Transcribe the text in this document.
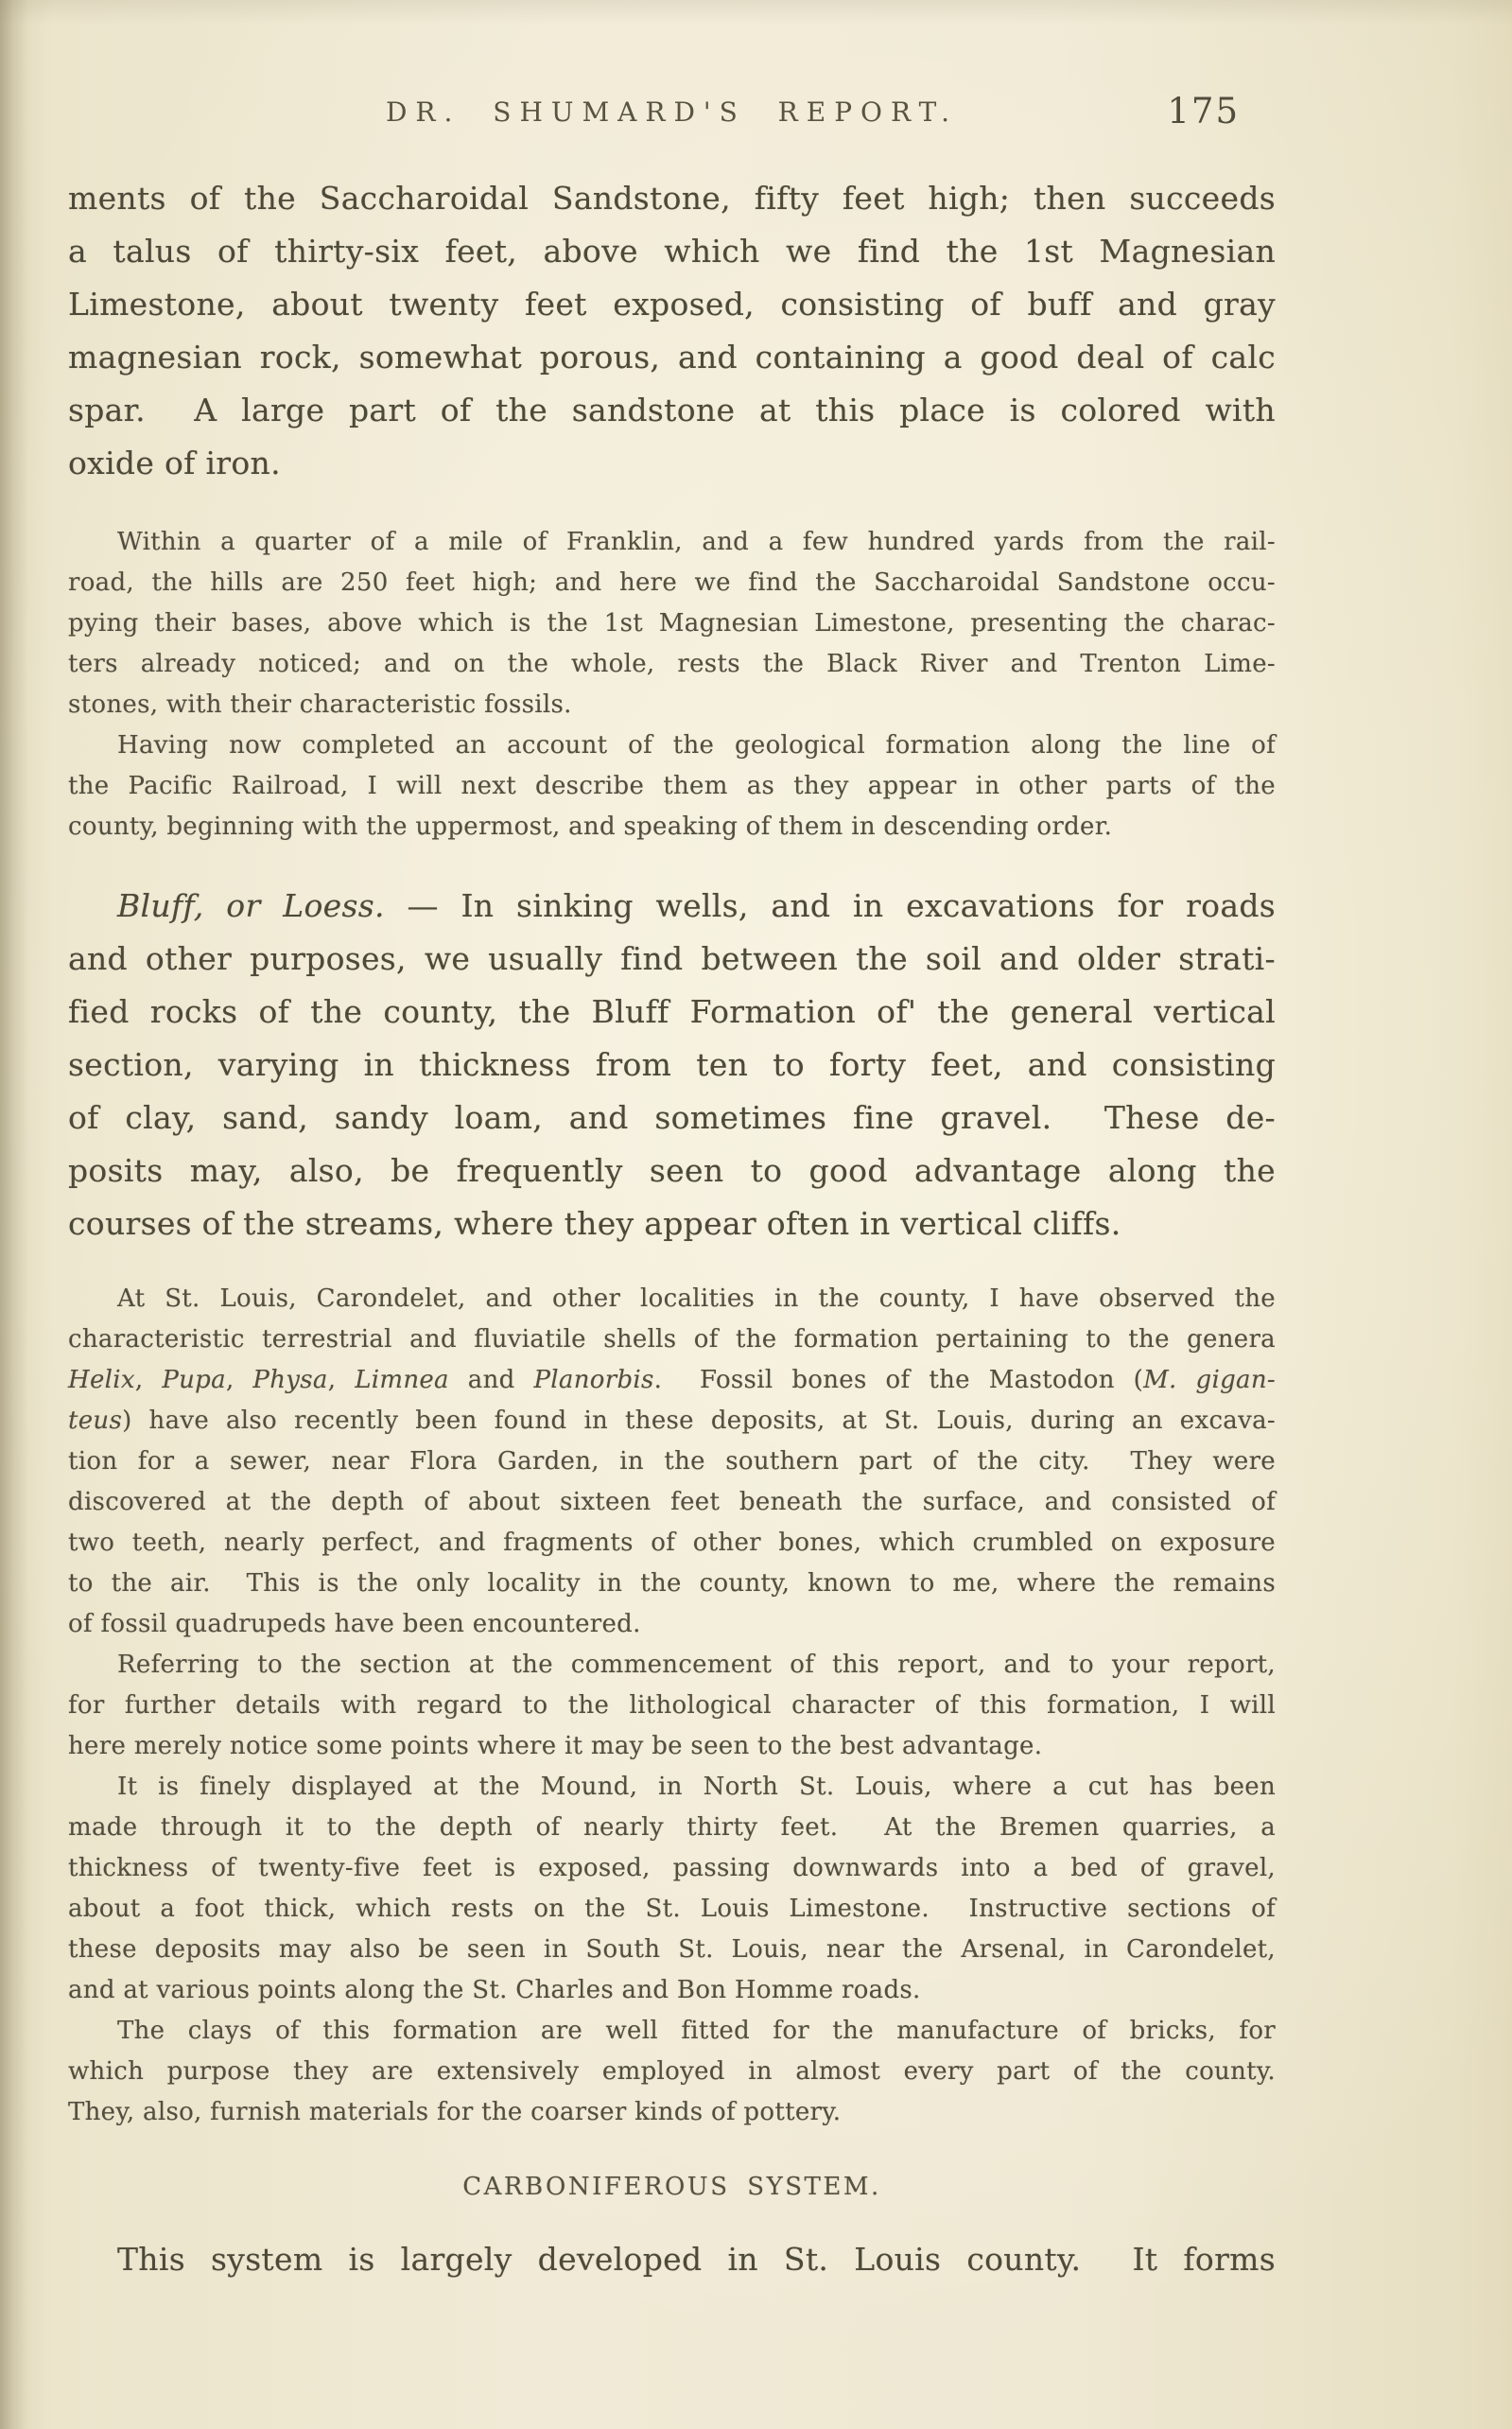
DR. SHUMARD'S REPORT.	175
ments of the Saccharoidal Sandstone, fifty feet high; then succeeds
a talus of thirty-six feet, above which we find the 1st Magnesian
Limestone, about twenty feet exposed, consisting of buff and gray
magnesian rock, somewhat porous, and containing a good deal of calc
spar.  A large part of the sandstone at this place is colored with
oxide of iron.
Within a quarter of a mile of Franklin, and a few hundred yards from the rail-
road, the hills are 250 feet high; and here we find the Saccharoidal Sandstone occu-
pying their bases, above which is the 1st Magnesian Limestone, presenting the charac-
ters already noticed; and on the whole, rests the Black River and Trenton Lime-
stones, with their characteristic fossils.
Having now completed an account of the geological formation along the line of
the Pacific Railroad, I will next describe them as they appear in other parts of the
county, beginning with the uppermost, and speaking of them in descending order.
Bluff, or Loess. — In sinking wells, and in excavations for roads
and other purposes, we usually find between the soil and older strati-
fied rocks of the county, the Bluff Formation of' the general vertical
section, varying in thickness from ten to forty feet, and consisting
of clay, sand, sandy loam, and sometimes fine gravel.  These de-
posits may, also, be frequently seen to good advantage along the
courses of the streams, where they appear often in vertical cliffs.
At St. Louis, Carondelet, and other localities in the county, I have observed the
characteristic terrestrial and fluviatile shells of the formation pertaining to the genera
Helix, Pupa, Physa, Limnea and Planorbis.  Fossil bones of the Mastodon (M. gigan-
teus) have also recently been found in these deposits, at St. Louis, during an excava-
tion for a sewer, near Flora Garden, in the southern part of the city.  They were
discovered at the depth of about sixteen feet beneath the surface, and consisted of
two teeth, nearly perfect, and fragments of other bones, which crumbled on exposure
to the air.  This is the only locality in the county, known to me, where the remains
of fossil quadrupeds have been encountered.
Referring to the section at the commencement of this report, and to your report,
for further details with regard to the lithological character of this formation, I will
here merely notice some points where it may be seen to the best advantage.
It is finely displayed at the Mound, in North St. Louis, where a cut has been
made through it to the depth of nearly thirty feet.  At the Bremen quarries, a
thickness of twenty-five feet is exposed, passing downwards into a bed of gravel,
about a foot thick, which rests on the St. Louis Limestone.  Instructive sections of
these deposits may also be seen in South St. Louis, near the Arsenal, in Carondelet,
and at various points along the St. Charles and Bon Homme roads.
The clays of this formation are well fitted for the manufacture of bricks, for
which purpose they are extensively employed in almost every part of the county.
They, also, furnish materials for the coarser kinds of pottery.
CARBONIFEROUS SYSTEM.
This system is largely developed in St. Louis county.  It forms
